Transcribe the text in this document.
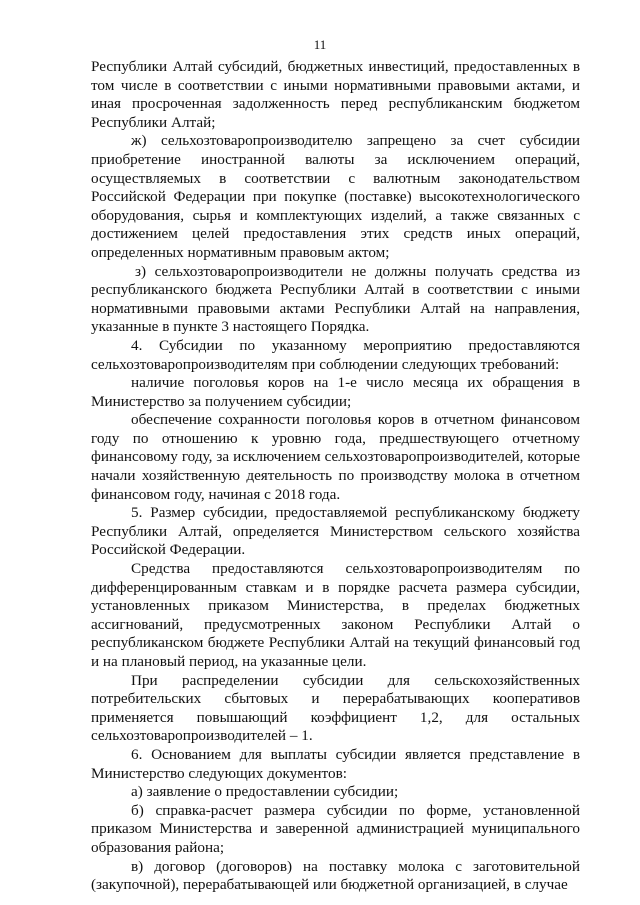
11

Республики Алтай субсидий, бюджетных инвестиций, предоставленных в том числе в соответствии с иными нормативными правовыми актами, и иная просроченная задолженность перед республиканским бюджетом Республики Алтай;

ж) сельхозтоваропроизводителю запрещено за счет субсидии приобретение иностранной валюты за исключением операций, осуществляемых в соответствии с валютным законодательством Российской Федерации при покупке (поставке) высокотехнологического оборудования, сырья и комплектующих изделий, а также связанных с достижением целей предоставления этих средств иных операций, определенных нормативным правовым актом;

з) сельхозтоваропроизводители не должны получать средства из республиканского бюджета Республики Алтай в соответствии с иными нормативными правовыми актами Республики Алтай на направления, указанные в пункте 3 настоящего Порядка.

4. Субсидии по указанному мероприятию предоставляются сельхозтоваропроизводителям при соблюдении следующих требований:

наличие поголовья коров на 1-е число месяца их обращения в Министерство за получением субсидии;

обеспечение сохранности поголовья коров в отчетном финансовом году по отношению к уровню года, предшествующего отчетному финансовому году, за исключением сельхозтоваропроизводителей, которые начали хозяйственную деятельность по производству молока в отчетном финансовом году, начиная с 2018 года.

5. Размер субсидии, предоставляемой республиканскому бюджету Республики Алтай, определяется Министерством сельского хозяйства Российской Федерации.

Средства предоставляются сельхозтоваропроизводителям по дифференцированным ставкам и в порядке расчета размера субсидии, установленных приказом Министерства, в пределах бюджетных ассигнований, предусмотренных законом Республики Алтай о республиканском бюджете Республики Алтай на текущий финансовый год и на плановый период, на указанные цели.

При распределении субсидии для сельскохозяйственных потребительских сбытовых и перерабатывающих кооперативов применяется повышающий коэффициент 1,2, для остальных сельхозтоваропроизводителей – 1.

6. Основанием для выплаты субсидии является представление в Министерство следующих документов:

а) заявление о предоставлении субсидии;

б) справка-расчет размера субсидии по форме, установленной приказом Министерства и заверенной администрацией муниципального образования района;

в) договор (договоров) на поставку молока с заготовительной (закупочной), перерабатывающей или бюджетной организацией, в случае
